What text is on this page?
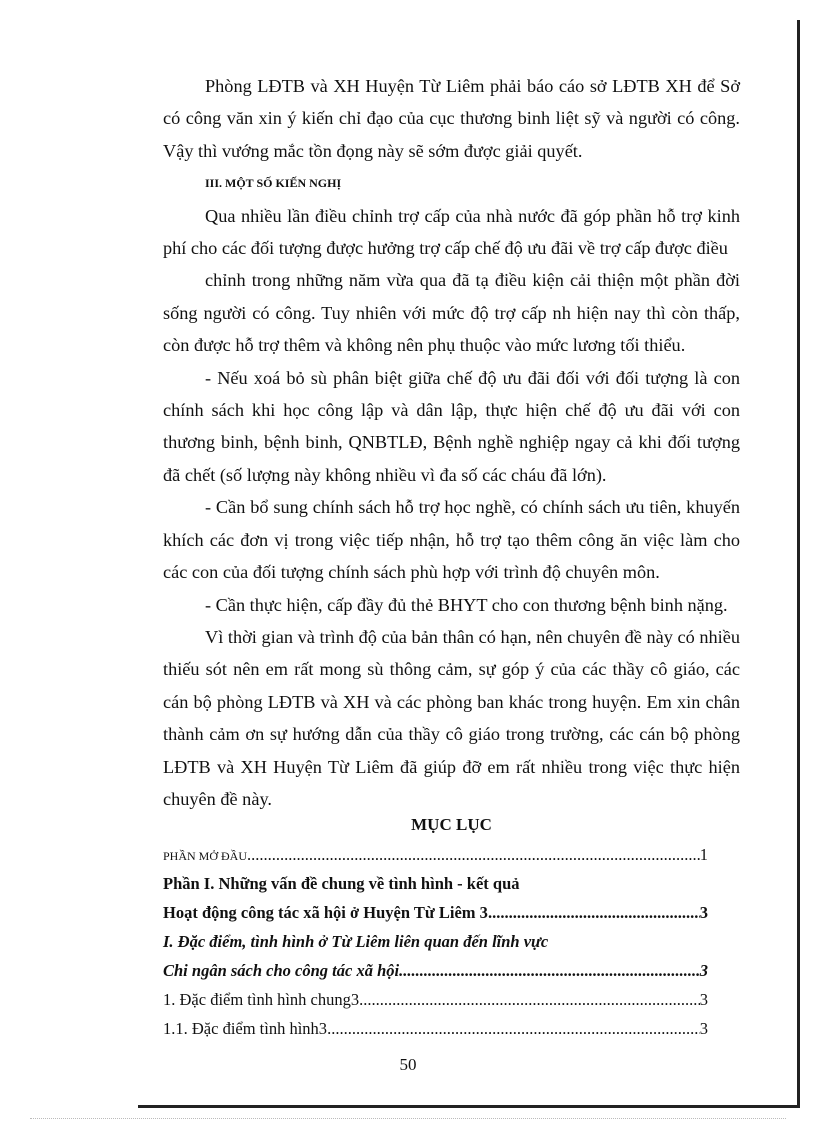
Phòng LĐTB và XH Huyện Từ Liêm phải báo cáo sở LĐTB XH để Sở có công văn xin ý kiến chỉ đạo của cục thương binh liệt sỹ và người có công. Vậy thì vướng mắc tồn đọng này sẽ sớm được giải quyết.

III. MỘT SỐ KIẾN NGHỊ

Qua nhiều lần điều chỉnh trợ cấp của nhà nước đã góp phần hỗ trợ kinh phí cho các đối tượng được hưởng trợ cấp chế độ ưu đãi về trợ cấp được điều

chỉnh trong những năm vừa qua đã tạ điều kiện cải thiện một phần đời sống người có công. Tuy nhiên với mức độ trợ cấp nh hiện nay thì còn thấp, còn được hỗ trợ thêm và không nên phụ thuộc vào mức lương tối thiểu.

- Nếu xoá bỏ sù phân biệt giữa chế độ ưu đãi đối với đối tượng là con chính sách khi học công lập và dân lập, thực hiện chế độ ưu đãi với con thương binh, bệnh binh, QNBTLĐ, Bệnh nghề nghiệp ngay cả khi đối tượng đã chết (số lượng này không nhiều vì đa số các cháu đã lớn).

- Cần bổ sung chính sách hỗ trợ học nghề, có chính sách ưu tiên, khuyến khích các đơn vị trong việc tiếp nhận, hỗ trợ tạo thêm công ăn việc làm cho các con của đối tượng chính sách phù hợp với trình độ chuyên môn.

- Cần thực hiện, cấp đầy đủ thẻ BHYT cho con thương bệnh binh nặng.

Vì thời gian và trình độ của bản thân có hạn, nên chuyên đề này có nhiều thiếu sót nên em rất mong sù thông cảm, sự góp ý của các thầy cô giáo, các cán bộ phòng LĐTB và XH và các phòng ban khác trong huyện. Em xin chân thành cảm ơn sự hướng dẫn của thầy cô giáo trong trường, các cán bộ phòng LĐTB và XH Huyện Từ Liêm đã giúp đỡ em rất nhiều trong việc thực hiện chuyên đề này.

MỤC LỤC
PHẦN MỞ ĐẦU .....	1
Phần I. Những vấn đề chung về tình hình - kết quả
Hoạt động công tác xã hội ở Huyện Từ Liêm 3 .....	3
I. Đặc điểm, tình hình ở Từ Liêm liên quan đến lĩnh vực
Chi ngân sách cho công tác xã hội .....	3
1. Đặc điểm tình hình chung3 .....	3
1.1. Đặc điểm tình hình3 .....	3
50
